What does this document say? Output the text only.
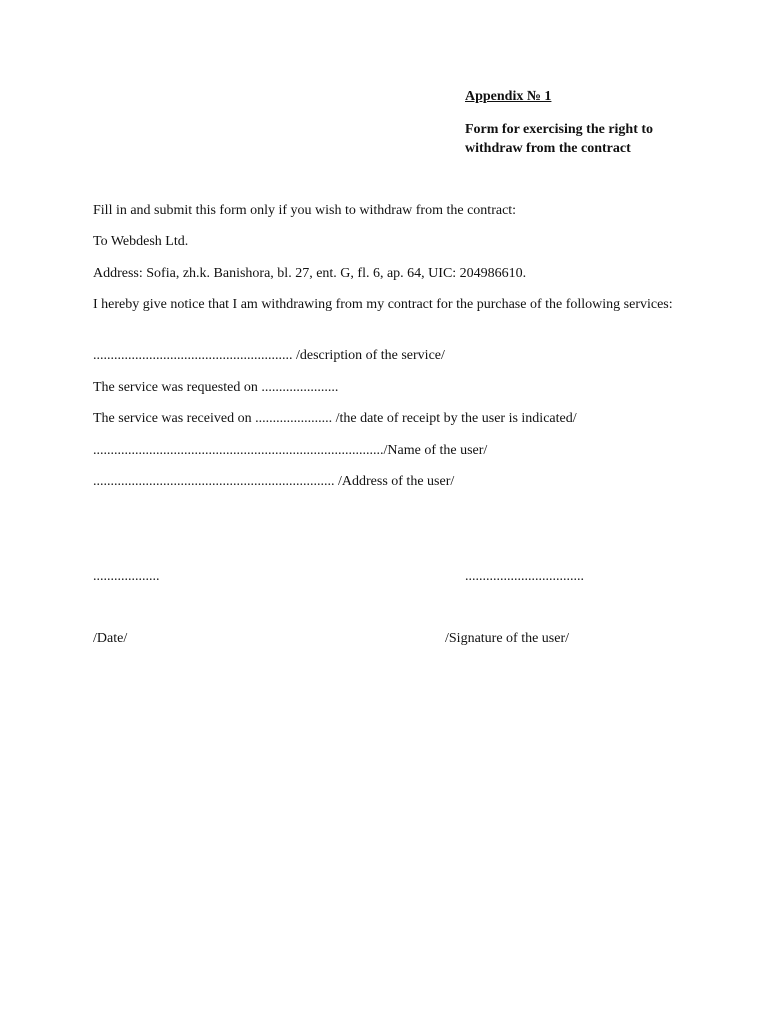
Appendix № 1

Form for exercising the right to
withdraw from the contract

Fill in and submit this form only if you wish to withdraw from the contract:

To Webdesh Ltd.

Address: Sofia, zh.k. Banishora, bl. 27, ent. G, fl. 6, ap. 64, UIC: 204986610.

I hereby give notice that I am withdrawing from my contract for the purchase of the following services:

......................................................... /description of the service/

The service was requested on ......................

The service was received on ...................... /the date of receipt by the user is indicated/

.................................................................................../Name of the user/

..................................................................... /Address of the user/

...................	..................................
/Date/	/Signature of the user/
